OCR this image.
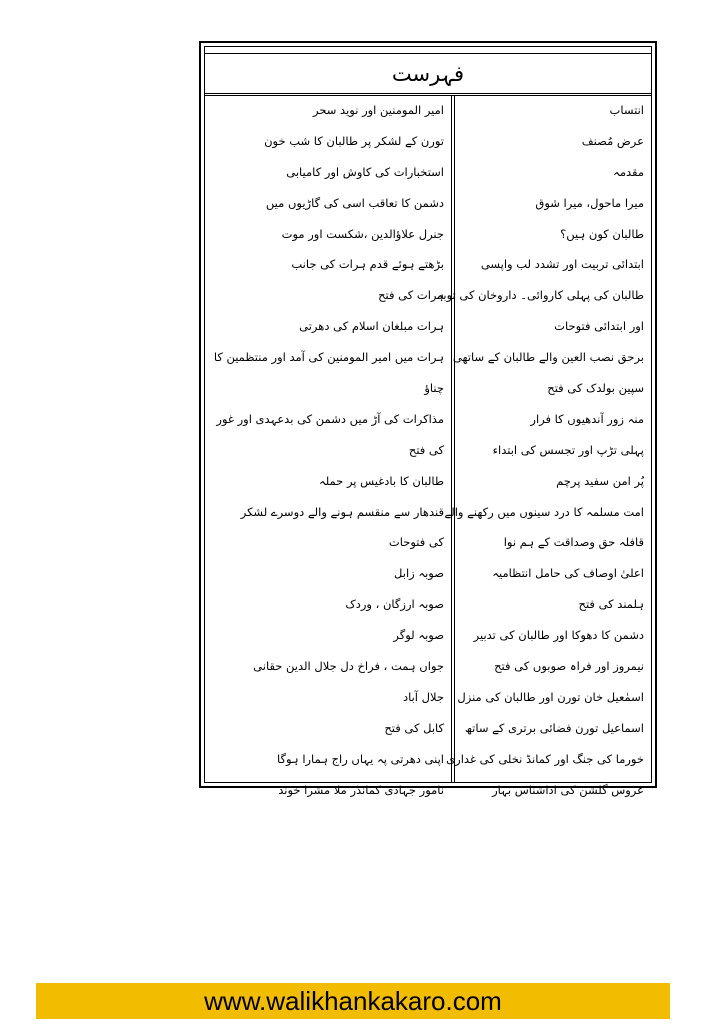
فہرست
انتساب
عرض مُصنف
مقدمہ
میرا ماحول، میرا شوق
طالبان کون ہیں؟
ابتدائی تربیت اور تشدد لب واپسی
طالبان کی پہلی کاروائی۔ داروخان کی توبہ
اور ابتدائی فتوحات
برحق نصب العین والے طالبان کے ساتھی
سپین بولدک کی فتح
منہ زور آندھیوں کا فرار
پہلی تڑپ اور تجسس کی ابتداء
پُر امن سفید پرچم
امت مسلمہ کا درد سینوں میں رکھنے والے
قافلہ حق وصداقت کے ہم نوا
اعلیٰ اوصاف کی حامل انتظامیہ
ہلمند کی فتح
دشمن کا دھوکا اور طالبان کی تدبیر
نیمروز اور فراہ صوبوں کی فتح
اسمٰعیل خان تورن اور طالبان کی منزل
اسماعیل تورن فضائی برتری کے ساتھ
خورما کی جنگ اور کمانڈ نخلی کی غداری
عروس گلشن کی اداشناس بہار
امیر المومنین اور نوید سحر
تورن کے لشکر پر طالبان کا شب خون
استخبارات کی کاوش اور کامیابی
دشمن کا تعاقب اسی کی گاڑیوں میں
جنرل علاؤالدین ،شکست اور موت
بڑھتے ہوئے قدم ہرات کی جانب
ہرات کی فتح
ہرات مبلغان اسلام کی دھرتی
ہرات میں امیر المومنین کی آمد اور منتظمین کا
چناؤ
مذاکرات کی آڑ میں دشمن کی بدعہدی اور غور
کی فتح
طالبان کا بادغیس پر حملہ
قندھار سے منقسم ہونے والے دوسرے لشکر
کی فتوحات
صوبہ زابل
صوبہ ارزگان ، وردک
صوبہ لوگر
جواں ہمت ، فراخ دل جلال الدین حقانی
جلال آباد
کابل کی فتح
اپنی دھرتی پہ یہاں راج ہمارا ہوگا
نامور جہادی کمانڈر ملا مشرا خوند
www.walikhankakaro.com
